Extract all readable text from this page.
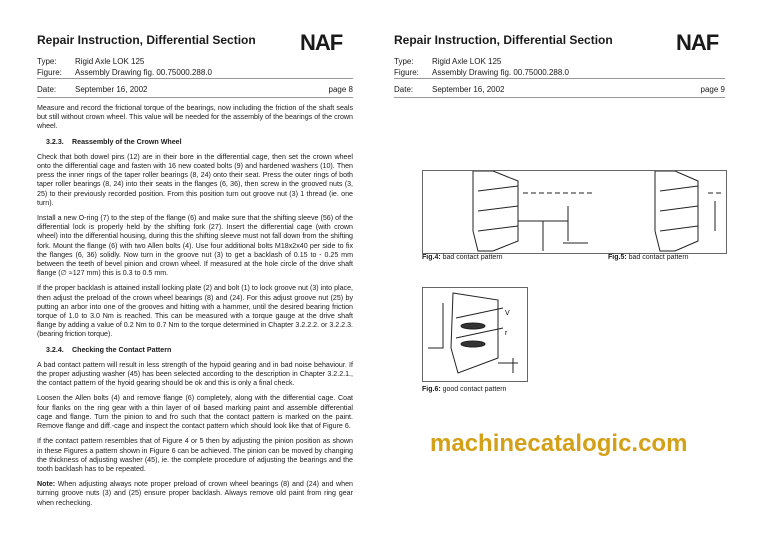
Repair Instruction, Differential Section NAF
Type: Rigid Axle LOK 125
Figure: Assembly Drawing fig. 00.75000.288.0
Date: September 16, 2002	page 8
Repair Instruction, Differential Section	NAF
Type: Rigid Axle LOK 125
Figure: Assembly Drawing fig. 00.75000.288.0
Date: September 16, 2002	page 9

Measure and record the frictional torque of the bearings, now including the friction of the shaft seals but still without crown wheel. This value will be needed for the assembly of the bearings of the crown wheel.

3.2.3. Reassembly of the Crown Wheel

Check that both dowel pins (12) are in their bore in the differential cage, then set the crown wheel onto the differential cage and fasten with 16 new coated bolts (9) and hardened washers (10). Then press the inner rings of the taper roller bearings (8, 24) onto their seat. Press the outer rings of both taper roller bearings (8, 24) into their seats in the flanges (6, 36), then screw in the grooved nuts (3, 25) to their previously recorded position. From this position turn out groove nut (3) 1 thread (ie. one turn).

Install a new O-ring (7) to the step of the flange (6) and make sure that the shifting sleeve (56) of the differential lock is properly held by the shifting fork (27). Insert the differential cage (with crown wheel) into the differential housing, during this the shifting sleeve must not fall down from the shifting fork. Mount the flange (6) with two Allen bolts (4). Use four additional bolts M18x2x40 per side to fix the flanges (6, 36) solidly. Now turn in the groove nut (3) to get a backlash of 0.15 to - 0.25 mm between the teeth of bevel pinion and crown wheel. If measured at the hole circle of the drive shaft flange (∅ ≈127 mm) this is 0.3 to 0.5 mm.

If the proper backlash is attained install locking plate (2) and bolt (1) to lock groove nut (3) into place, then adjust the preload of the crown wheel bearings (8) and (24). For this adjust groove nut (25) by putting an arbor into one of the grooves and hitting with a hammer, until the desired bearing friction torque of 1.0 to 3.0 Nm is reached. This can be measured with a torque gauge at the drive shaft flange by adding a value of 0.2 Nm to 0.7 Nm to the torque determined in Chapter 3.2.2.2. or 3.2.2.3. (bearing friction torque).

3.2.4. Checking the Contact Pattern

A bad contact pattern will result in less strength of the hypoid gearing and in bad noise behaviour. If the proper adjusting washer (45) has been selected according to the description in Chapter 3.2.2.1., the contact pattern of the hyoid gearing should be ok and this is only a final check.

Loosen the Allen bolts (4) and remove flange (6) completely, along with the differential cage. Coat four flanks on the ring gear with a thin layer of oil based marking paint and assemble differential cage and flange. Turn the pinion to and fro such that the contact pattern is marked on the paint. Remove flange and diff.-cage and inspect the contact pattern which should look like that of Figure 6.

If the contact pattern resembles that of Figure 4 or 5 then by adjusting the pinion position as shown in these Figures a pattern shown in Figure 6 can be achieved. The pinion can be moved by changing the thickness of adjusting washer (45), ie. the complete procedure of adjusting the bearings and the tooth backlash has to be repeated.

Note: When adjusting always note proper preload of crown wheel bearings (8) and (24) and when turning groove nuts (3) and (25) ensure proper backlash. Always remove old paint from ring gear when rechecking.

Fig.4: bad contact pattern	Fig.5: bad contact pattern
V
r
Fig.6: good contact pattern
machinecatalogic.com
